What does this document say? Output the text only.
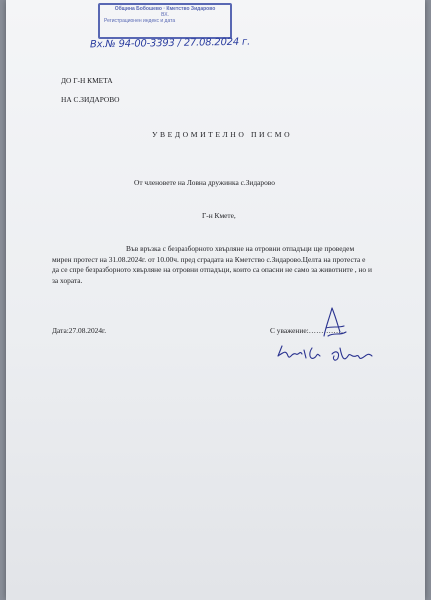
Община Бобошево · Кметство Зидарово
ВХ.
Регистрационен индекс и дата
Вх.№ 94-00-3393 / 27.08.2024 г.
ДО Г-Н КМЕТА
НА С.ЗИДАРОВО
УВЕДОМИТЕЛНО ПИСМО
От членовете на Ловна дружинка с.Зидарово
Г-н Кмете,
Във връзка с безразборното хвърляне на отровни отпадъци ще проведем мирен протест на 31.08.2024г. от 10.00ч. пред сградата на Кметство с.Зидарово.Целта на протеста е да се спре безразборното хвърляне на отровни отпадъци, които са опасни не само за животните , но и за хората.
Дата:27.08.2024г.	С уважение:……………
